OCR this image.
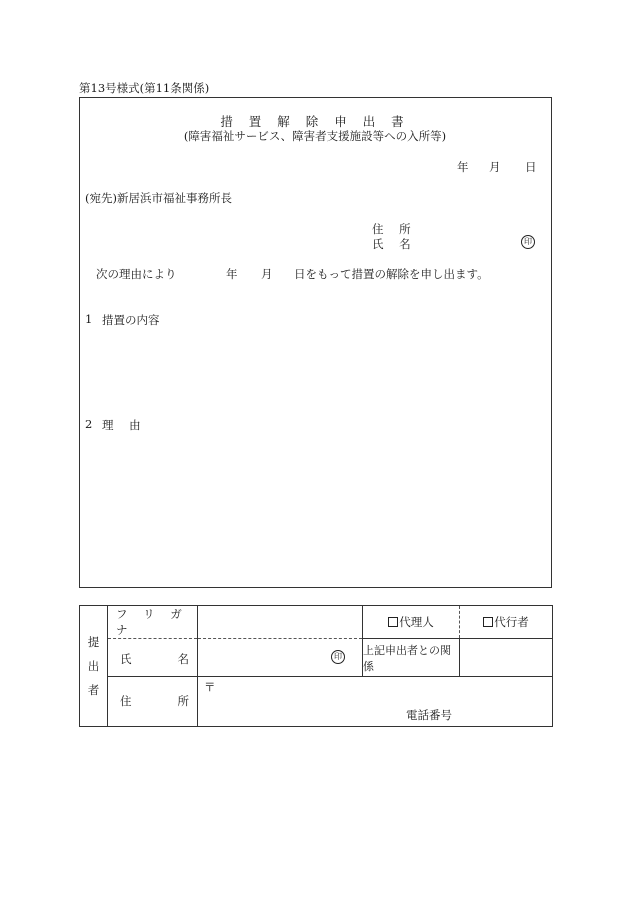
第13号様式(第11条関係)
措 置 解 除 申 出 書
(障害福祉サービス、障害者支援施設等への入所等)
年 月 日
(宛先)新居浜市福祉事務所長
住 所
氏 名	印
次の理由により	年 月 日をもって措置の解除を申し出ます。
1 措置の内容
2 理 由
提
出
者	フ リ ガ ナ		代理人	代行者

	氏 名	印	上記申出者との関係	

	住 所	〒
電話番号		
